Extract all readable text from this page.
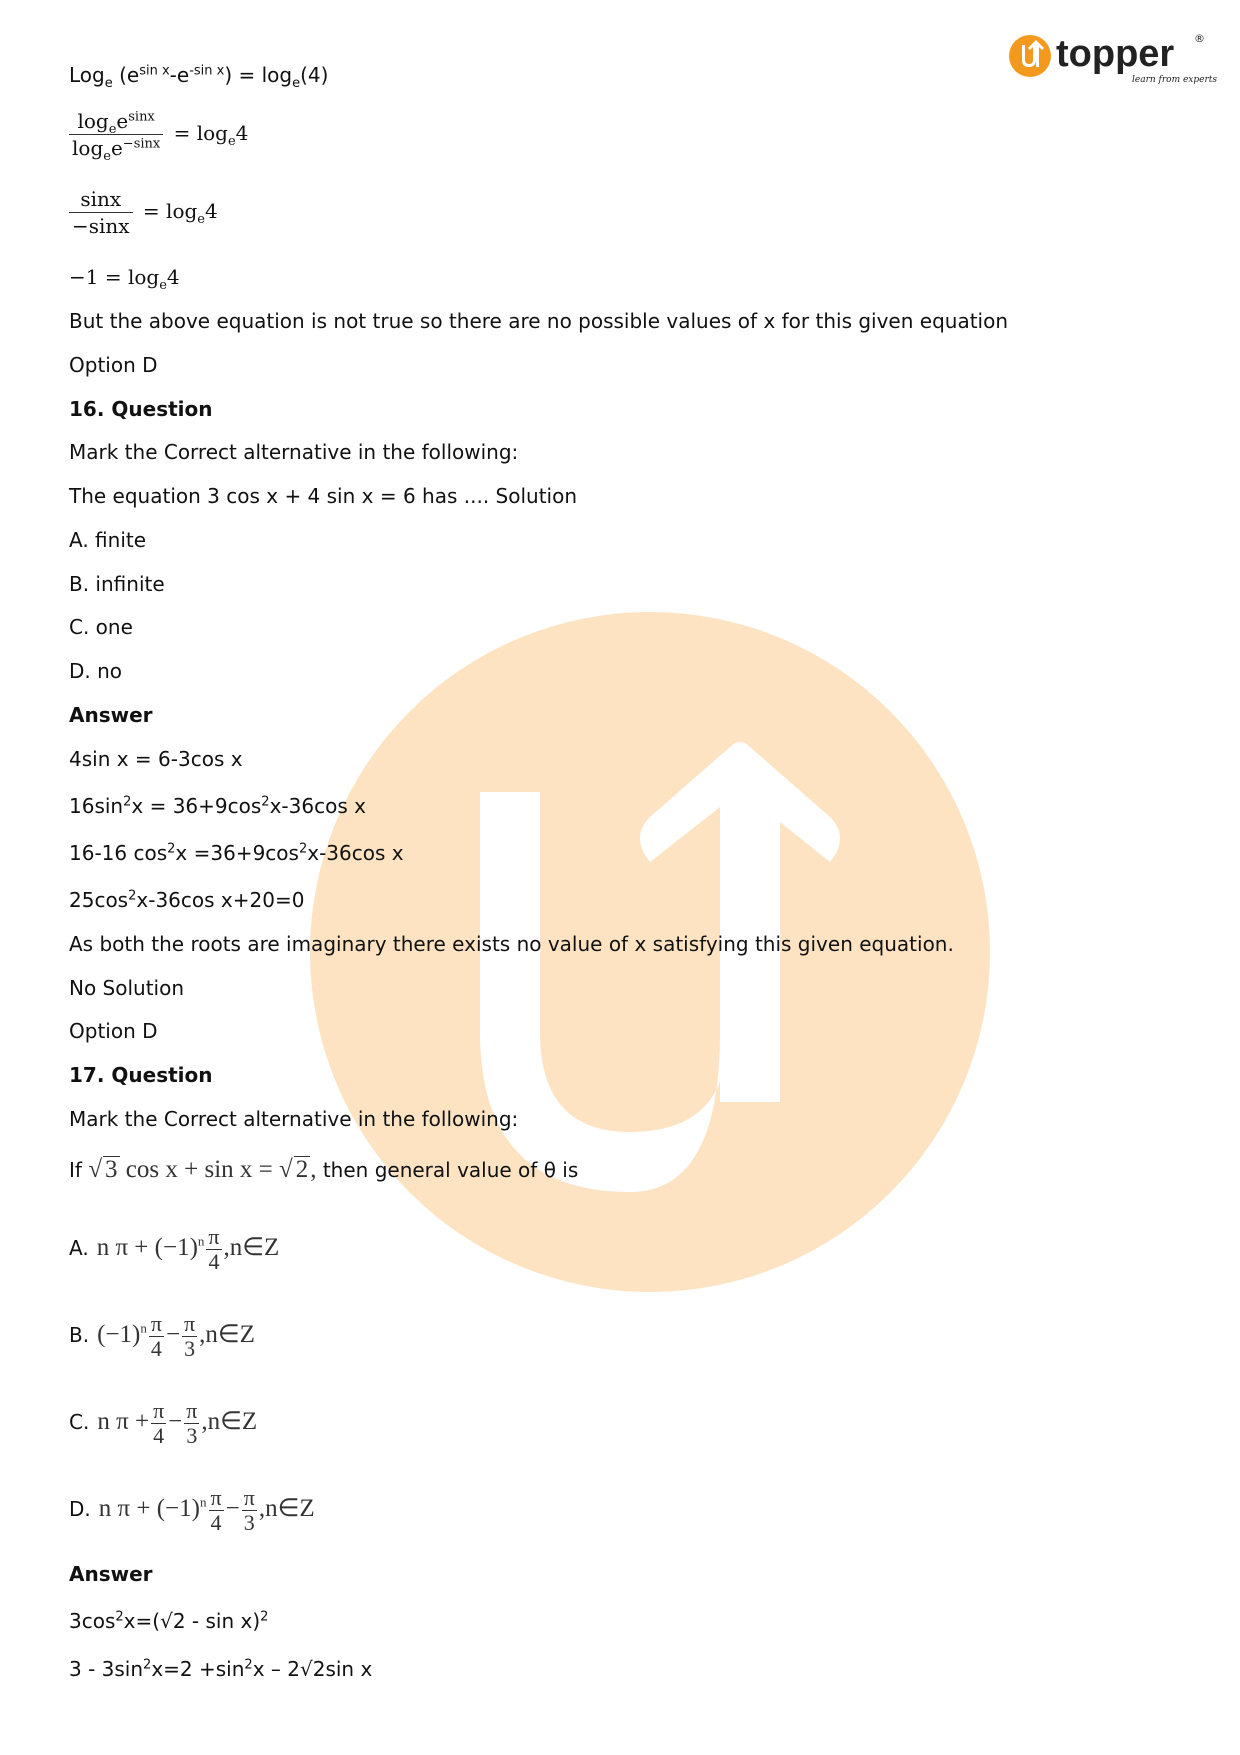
topper ®
learn from experts
Log$_e$ $(e^{sin x}-e^{-sin x}) = \log_e(4)$
$\frac{\log_ee^{sinx}}{\log_ee^{-sinx}} = \log_e4$
$\frac{\sin x}{-\sin x} = \log_e4$
$-1 = \log_e4$
But the above equation is not true so there are no possible values of x for this given equation
Option D
16. Question
Mark the Correct alternative in the following:
The equation 3 cos x + 4 sin x = 6 has .... Solution
A. finite
B. infinite
C. one
D. no
Answer
4sin x = 6-3cos x
$16\sin^2x = 36+9\cos^2x-36\cos$ x
16-16 $\cos^2x =36+9\cos^2x-36\cos$ x
$25\cos^2x-36\cos$ x+20=0
As both the roots are imaginary there exists no value of x satisfying this given equation.
No Solution
Option D
17. Question
Mark the Correct alternative in the following:
If √ 3 cos x + sin x = √ 2, then general value of θ is
A. n $\pi + (-1)^n \frac{\pi}{4}$ ,n∈Z
B. $(-1)^n \frac{\pi}{4} - \frac{\pi}{3}$ ,n∈Z
C. n $\pi + \frac{\pi}{4} - \frac{\pi}{3}$ ,n∈Z
D. n $\pi + (-1)^n \frac{\pi}{4} - \frac{\pi}{3}$ ,n∈Z
Answer
$3\cos^2x=(√2 - \sin x)^2$
$3 - 3\sin^2x=2 +\sin^2x - 2√2\sin$ x
